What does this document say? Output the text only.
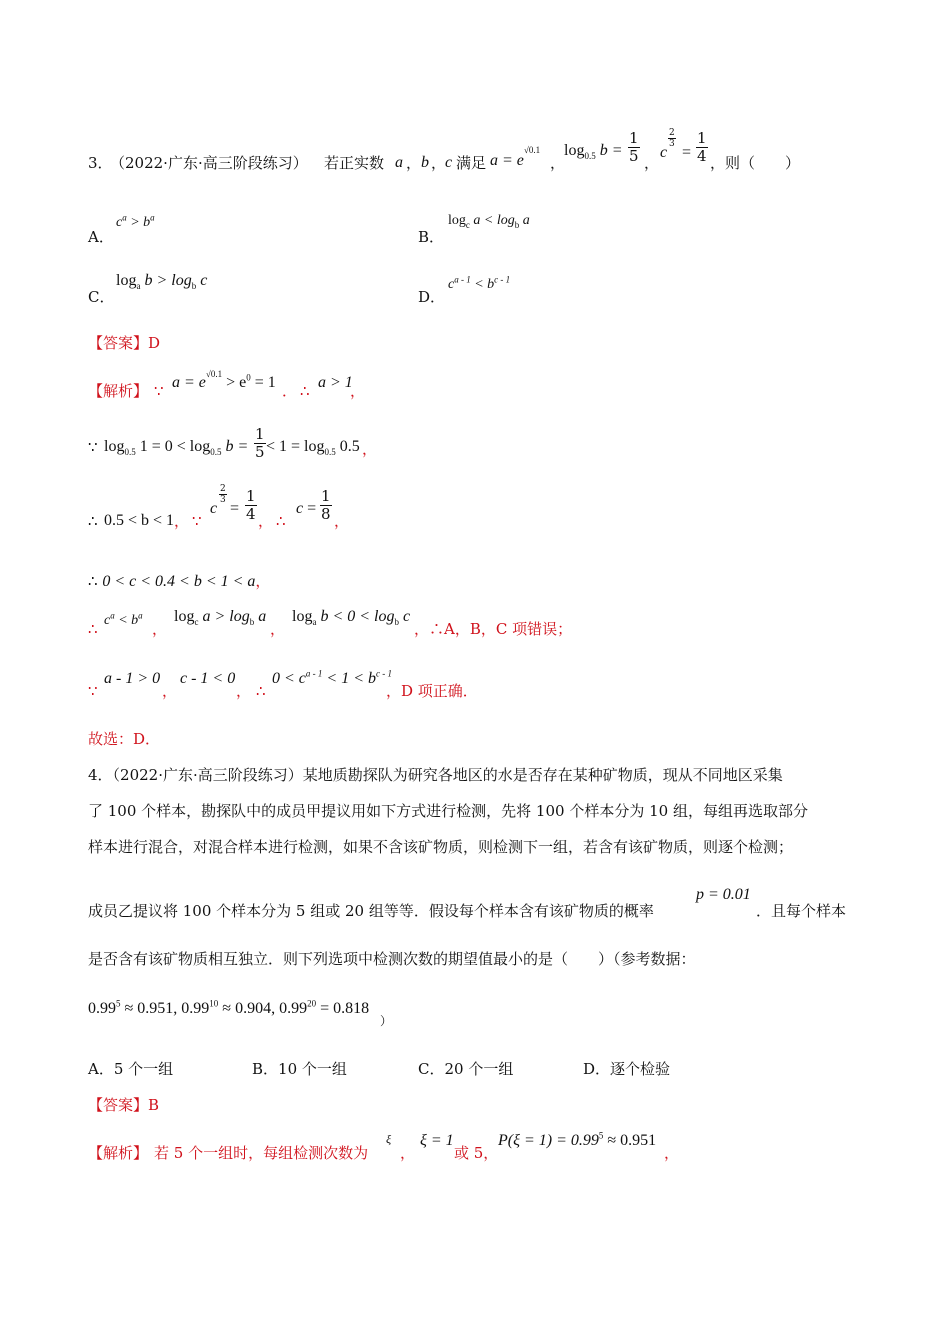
3．
（2022·广东·高三阶段练习） 若正实数 a ， b ，
c 满足 $a = e^{√0.1}$
，
$\log_{0.5} b = \frac{1}{5}$ ，
c
$\frac{2}{3}$
= $\frac{1}{4}$ ，则（　　）
A．
$c^a > b^a$
B．
$\log_c a < \log_b a$
C．
$\log_a b > \log_b c$
D．
$c^{a - 1} < b^{c - 1}$
【答案】D
【解析】 ∵ $a = e^{√0.1} > e^0 = 1$ ． ∴ a > 1
，
∵ $\log_{0.5} 1 = 0 < \log_{0.5} b = \frac{1}{5} < 1 = \log_{0.5} 0.5$ ，
∴ 0.5 < b < 1 ， ∵
c
$\frac{2}{3}$
= $\frac{1}{4}$ ， ∴
$c = \frac{1}{8}$ ，
∴ 0 < c < 0.4 < b < 1 < a，
∴ $c^a < b^a$
，
$\log_c a > \log_b a$
，
$\log_a b < 0 < \log_b c$
，∴A，B，C 项错误；
∵
a - 1 > 0
，
c - 1 < 0
， ∴
$0 < c^{a - 1} < 1 < b^{c - 1}$
，D 项正确．
故选：D．
4．（2022·广东·高三阶段练习）某地质勘探队为研究各地区的水是否存在某种矿物质，现从不同地区采集
了 100 个样本，勘探队中的成员甲提议用如下方式进行检测，先将 100 个样本分为 10 组，每组再选取部分
样本进行混合，对混合样本进行检测，如果不含该矿物质，则检测下一组，若含有该矿物质，则逐个检测；
成员乙提议将 100 个样本分为 5 组或 20 组等等．假设每个样本含有该矿物质的概率
p = 0.01
．且每个样本
是否含有该矿物质相互独立．则下列选项中检测次数的期望值最小的是（　　）（参考数据：
$0.99^5 \approx 0.951$, $0.99^{10} \approx 0.904$, $0.99^{20} = 0.818$
）
A．5 个一组	B．10 个一组	C．20 个一组	D．逐个检验
【答案】B
【解析】 若 5 个一组时，每组检测次数为
ξ
，
ξ = 1
或 5，
$P(\xi = 1) = 0.99^5 \approx 0.951$
，
